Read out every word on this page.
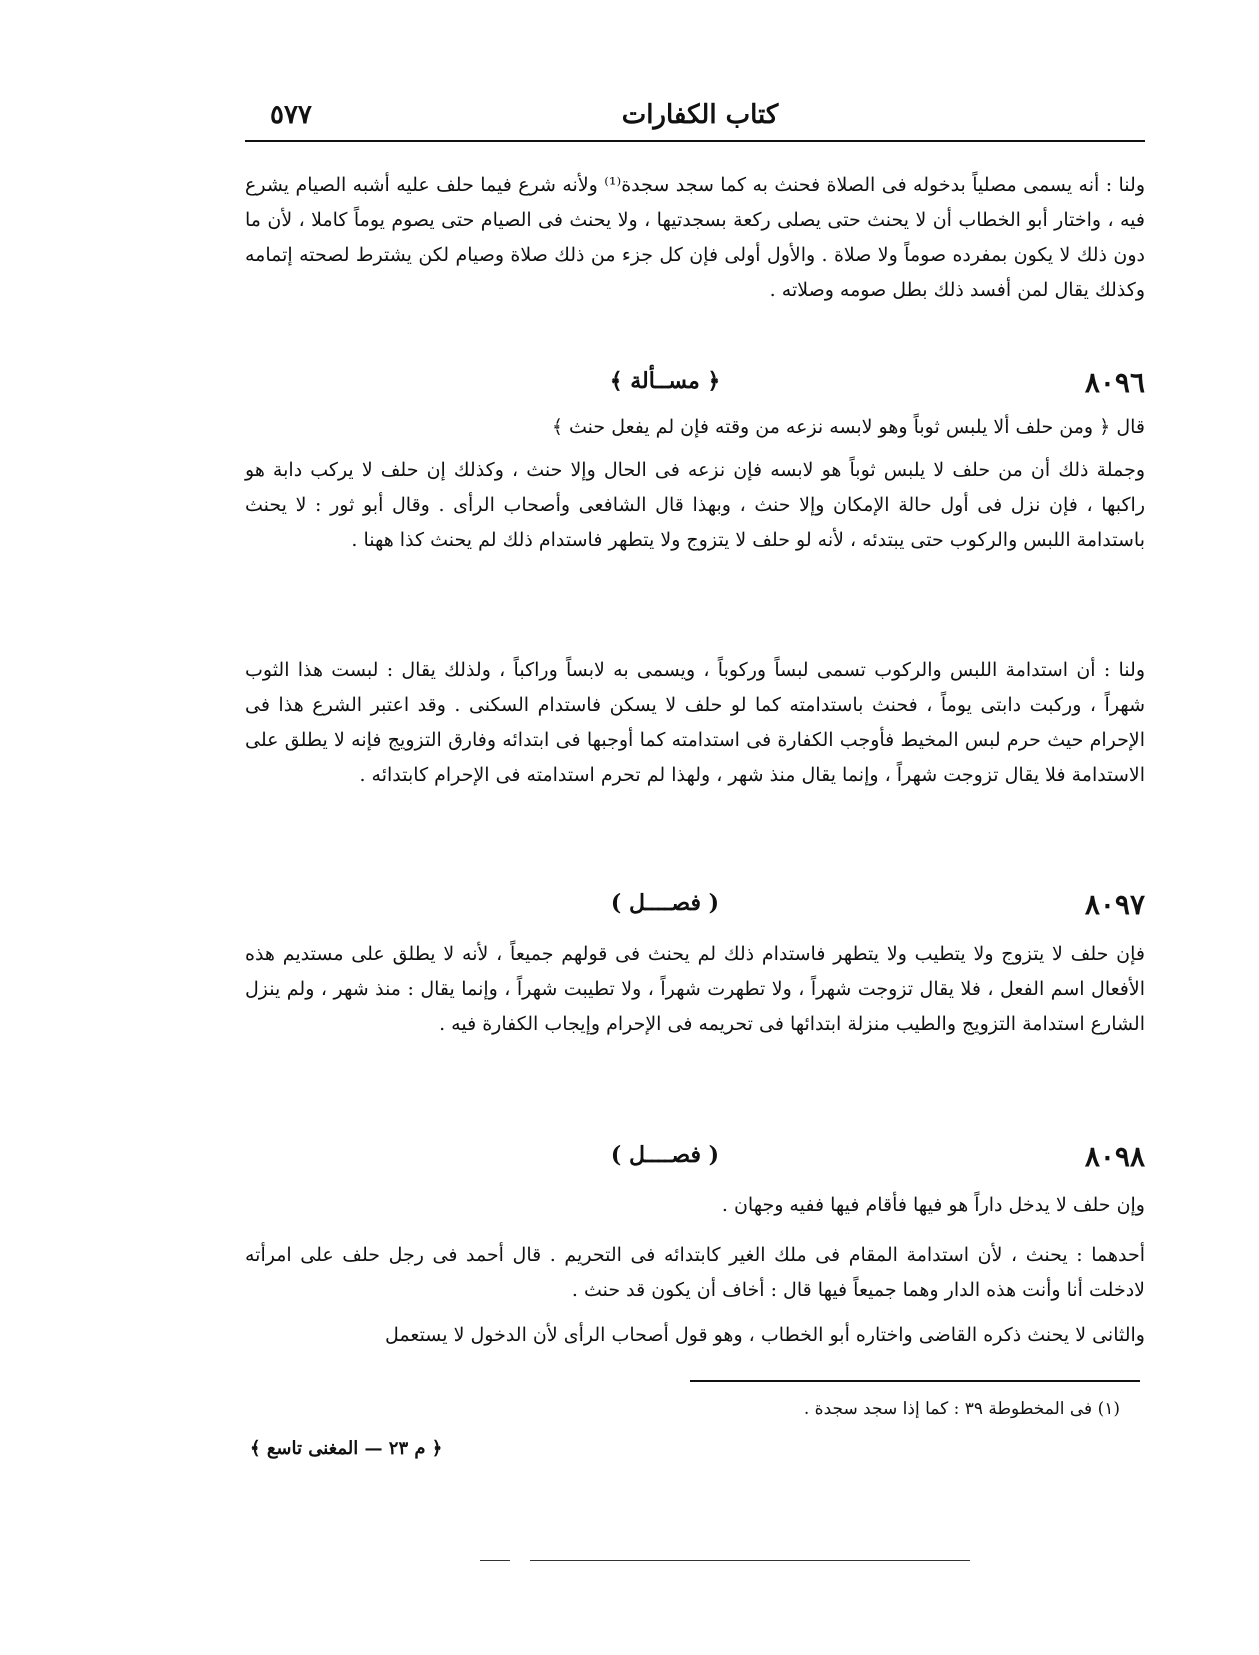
٥٧٧	كتاب الكفارات
ولنا : أنه يسمى مصلياً بدخوله فى الصلاة فحنث به كما سجد سجدة⁽¹⁾ ولأنه شرع فيما حلف عليه أشبه الصيام يشرع فيه ، واختار أبو الخطاب أن لا يحنث حتى يصلى ركعة بسجدتيها ، ولا يحنث فى الصيام حتى يصوم يوماً كاملا ، لأن ما دون ذلك لا يكون بمفرده صوماً ولا صلاة . والأول أولى فإن كل جزء من ذلك صلاة وصيام لكن يشترط لصحته إتمامه وكذلك يقال لمن أفسد ذلك بطل صومه وصلاته .
٨٠٩٦
﴿ مســألة ﴾
قال ﴿ ومن حلف ألا يلبس ثوباً وهو لابسه نزعه من وقته فإن لم يفعل حنث ﴾
وجملة ذلك أن من حلف لا يلبس ثوباً هو لابسه فإن نزعه فى الحال وإلا حنث ، وكذلك إن حلف لا يركب دابة هو راكبها ، فإن نزل فى أول حالة الإمكان وإلا حنث ، وبهذا قال الشافعى وأصحاب الرأى . وقال أبو ثور : لا يحنث باستدامة اللبس والركوب حتى يبتدئه ، لأنه لو حلف لا يتزوج ولا يتطهر فاستدام ذلك لم يحنث كذا ههنا .
ولنا : أن استدامة اللبس والركوب تسمى لبساً وركوباً ، ويسمى به لابساً وراكباً ، ولذلك يقال : لبست هذا الثوب شهراً ، وركبت دابتى يوماً ، فحنث باستدامته كما لو حلف لا يسكن فاستدام السكنى . وقد اعتبر الشرع هذا فى الإحرام حيث حرم لبس المخيط فأوجب الكفارة فى استدامته كما أوجبها فى ابتدائه وفارق التزويج فإنه لا يطلق على الاستدامة فلا يقال تزوجت شهراً ، وإنما يقال منذ شهر ، ولهذا لم تحرم استدامته فى الإحرام كابتدائه .
٨٠٩٧
( فصــــل )
فإن حلف لا يتزوج ولا يتطيب ولا يتطهر فاستدام ذلك لم يحنث فى قولهم جميعاً ، لأنه لا يطلق على مستديم هذه الأفعال اسم الفعل ، فلا يقال تزوجت شهراً ، ولا تطهرت شهراً ، ولا تطيبت شهراً ، وإنما يقال : منذ شهر ، ولم ينزل الشارع استدامة التزويج والطيب منزلة ابتدائها فى تحريمه فى الإحرام وإيجاب الكفارة فيه .
٨٠٩٨
( فصــــل )
وإن حلف لا يدخل داراً هو فيها فأقام فيها ففيه وجهان .
أحدهما : يحنث ، لأن استدامة المقام فى ملك الغير كابتدائه فى التحريم . قال أحمد فى رجل حلف على امرأته لادخلت أنا وأنت هذه الدار وهما جميعاً فيها قال : أخاف أن يكون قد حنث .
والثانى لا يحنث ذكره القاضى واختاره أبو الخطاب ، وهو قول أصحاب الرأى لأن الدخول لا يستعمل
(١) فى المخطوطة ٣٩ : كما إذا سجد سجدة .
﴿ م ٢٣ — المغنى تاسع ﴾
